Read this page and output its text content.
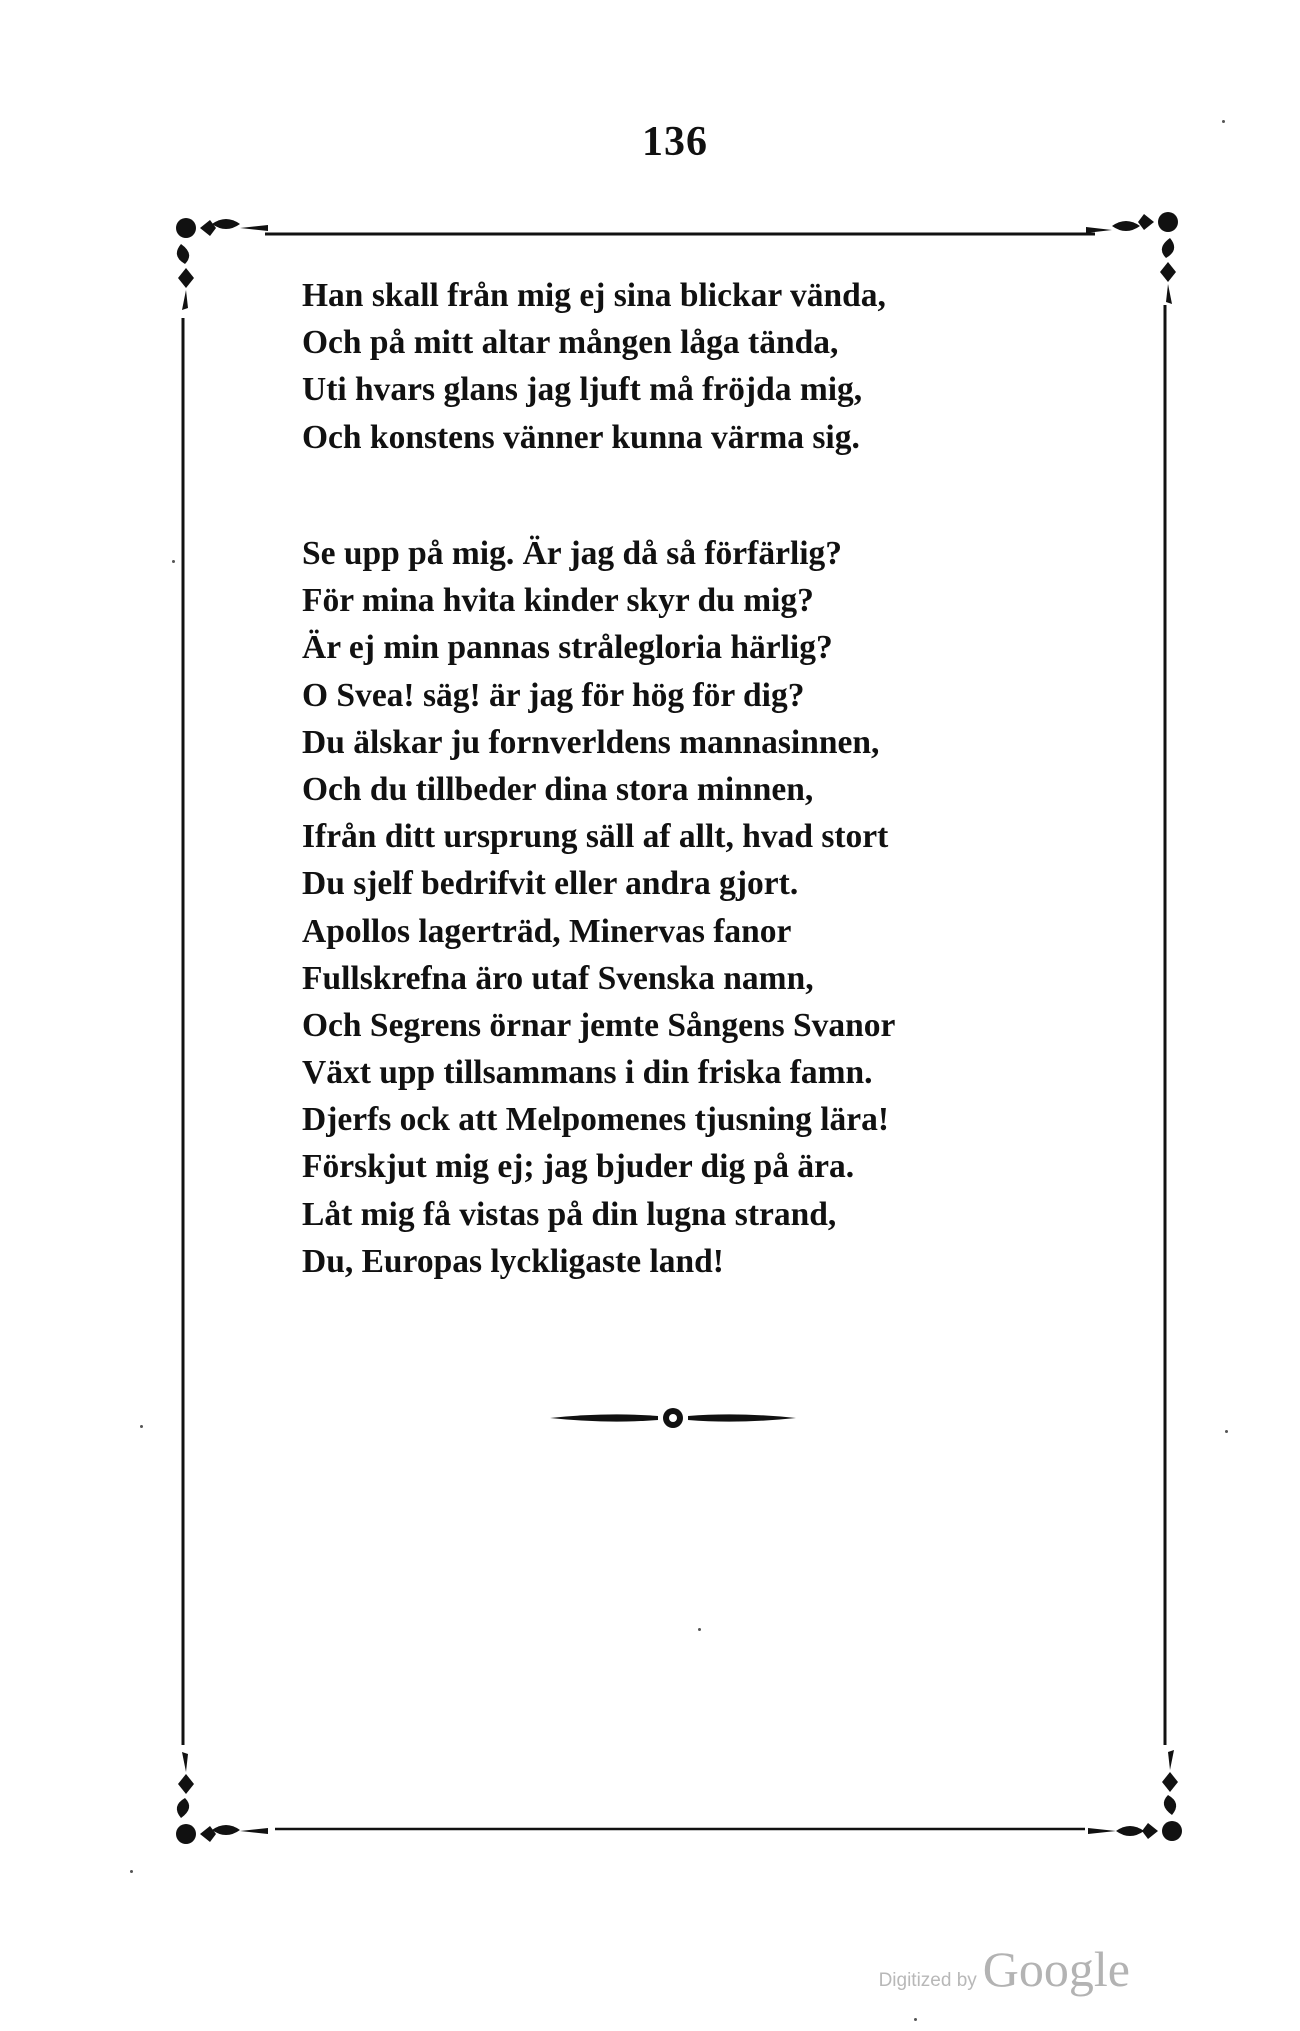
136
Han skall från mig ej sina blickar vända,
Och på mitt altar mången låga tända,
Uti hvars glans jag ljuft må fröjda mig,
Och konstens vänner kunna värma sig.
Se upp på mig. Är jag då så förfärlig?
För mina hvita kinder skyr du mig?
Är ej min pannas stråleglоria härlig?
O Svea! säg! är jag för hög för dig?
Du älskar ju fornverldens mannasinnen,
Och du tillbeder dina stora minnen,
Ifrån ditt ursprung säll af allt, hvad stort
Du sjelf bedrifvit eller andra gjort.
Apollos lagerträd, Minervas fanor
Fullskrefna äro utaf Svenska namn,
Och Segrens örnar jemte Sångens Svanor
Växt upp tillsammans i din friska famn.
Djerfs ock att Melpomenes tjusning lära!
Förskjut mig ej; jag bjuder dig på ära.
Låt mig få vistas på din lugna strand,
Du, Europas lyckligaste land!
Digitized by Google
